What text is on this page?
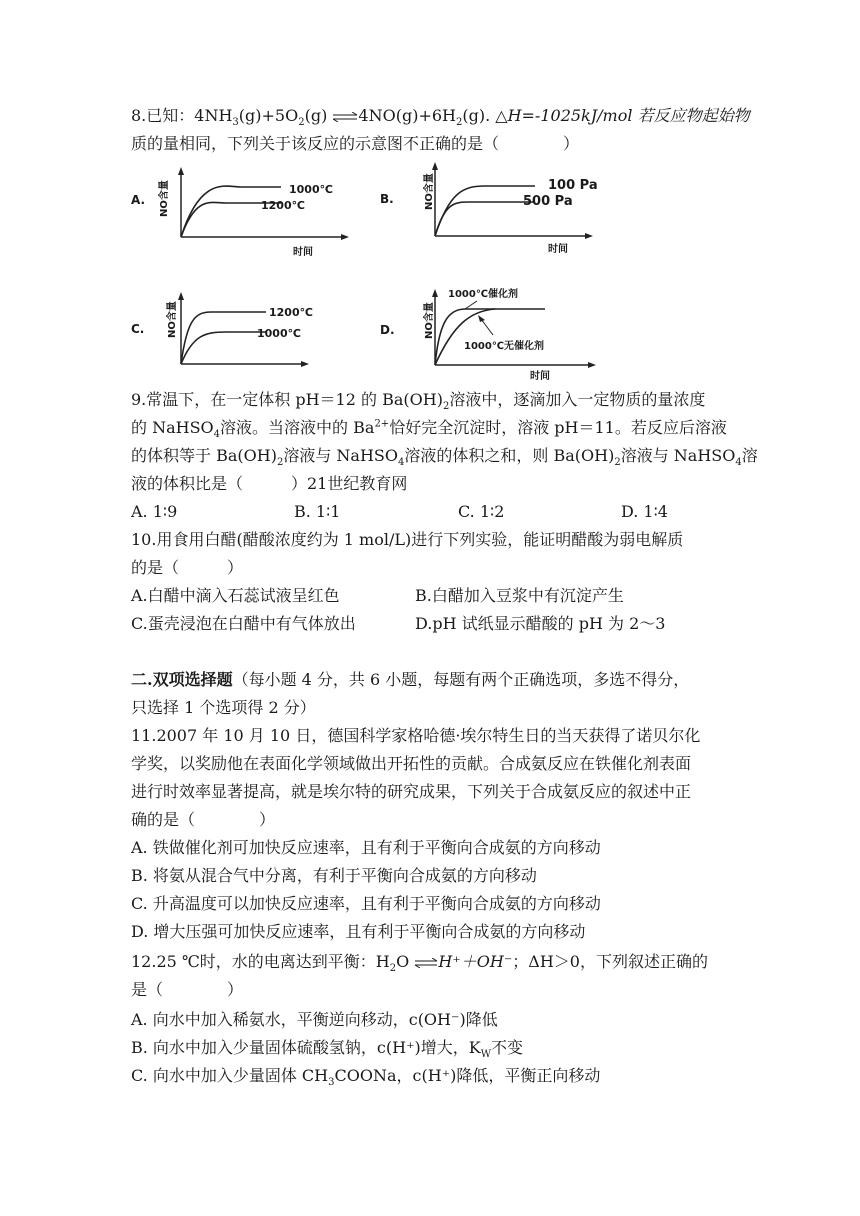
8.已知：$4NH_3(g)+5O_2(g)$ $\rightleftharpoons 4NO(g)+6H_2(g)$. △H=-1025kJ/mol 若反应物起始物
质的量相同，下列关于该反应的示意图不正确的是（　　　　）
A.	NO含量	1000℃
1200℃
时间
B.	NO含量	100 Pa
500 Pa
时间
C.	NO含量	1200℃
1000℃	D.	NO含量
1000℃催化剂
1000℃无催化剂
时间
9.常温下，在一定体积 pH＝12 的 $Ba(OH)_2$溶液中，逐滴加入一定物质的量浓度
的 NaHSO$_4$溶液。当溶液中的 $Ba^{2+}$恰好完全沉淀时，溶液 pH＝11。若反应后溶液
的体积等于 $Ba(OH)_2$溶液与 NaHSO$_4$溶液的体积之和，则 $Ba(OH)_2$溶液与 NaHSO$_4$溶
液的体积比是（　　　）21世纪教育网
A. 1∶9	B. 1∶1	C. 1∶2	D. 1∶4
10.用食用白醋(醋酸浓度约为 1 mol/L)进行下列实验，能证明醋酸为弱电解质
的是（　　　）
A.白醋中滴入石蕊试液呈红色	B.白醋加入豆浆中有沉淀产生
C.蛋壳浸泡在白醋中有气体放出	D.pH 试纸显示醋酸的 pH 为 2～3
二.双项选择题（每小题 4 分，共 6 小题，每题有两个正确选项，多选不得分，
只选择 1 个选项得 2 分）
11.2007 年 10 月 10 日，德国科学家格哈德·埃尔特生日的当天获得了诺贝尔化
学奖，以奖励他在表面化学领域做出开拓性的贡献。合成氨反应在铁催化剂表面
进行时效率显著提高，就是埃尔特的研究成果，下列关于合成氨反应的叙述中正
确的是（　　　　）
A. 铁做催化剂可加快反应速率，且有利于平衡向合成氨的方向移动
B. 将氨从混合气中分离，有利于平衡向合成氨的方向移动
C. 升高温度可以加快反应速率，且有利于平衡向合成氨的方向移动
D. 增大压强可加快反应速率，且有利于平衡向合成氨的方向移动
12.25 ℃时，水的电离达到平衡：$H_2O$ ⇌H⁺＋OH⁻；ΔH＞0，下列叙述正确的
是（　　　　）
A. 向水中加入稀氨水，平衡逆向移动，c(OH⁻)降低
B. 向水中加入少量固体硫酸氢钠，c(H⁺)增大，$K_W$不变
C. 向水中加入少量固体 $CH_3COONa$，c(H⁺)降低，平衡正向移动
